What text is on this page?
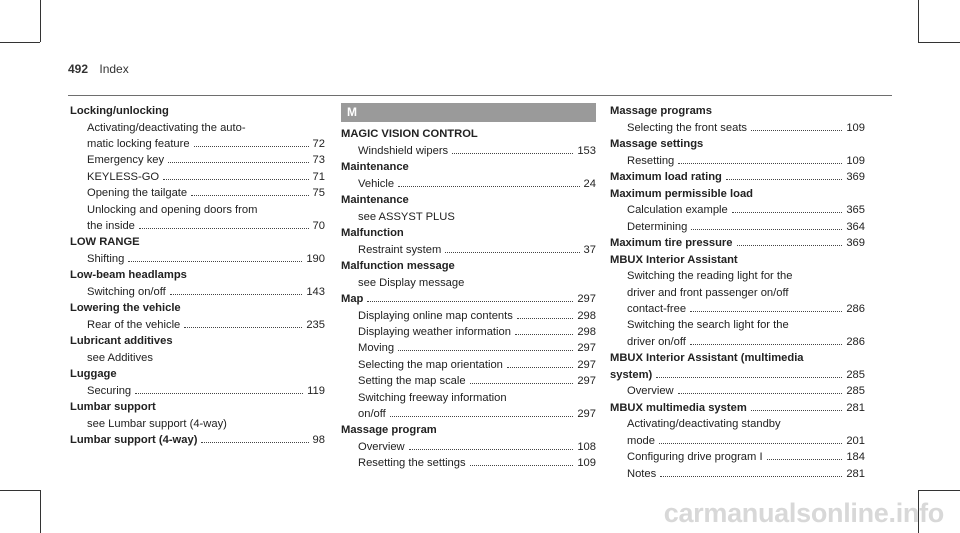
492 Index
Locking/unlocking
Activating/deactivating the auto-
matic locking feature	72
Emergency key	73
KEYLESS-GO	71
Opening the tailgate	75
Unlocking and opening doors from
the inside	70
LOW RANGE
Shifting	190
Low-beam headlamps
Switching on/off	143
Lowering the vehicle
Rear of the vehicle	235
Lubricant additives
see Additives
Luggage
Securing	119
Lumbar support
see Lumbar support (4-way)
Lumbar support (4-way)	98
M
MAGIC VISION CONTROL
Windshield wipers	153
Maintenance
Vehicle	24
Maintenance
see ASSYST PLUS
Malfunction
Restraint system	37
Malfunction message
see Display message
Map	297
Displaying online map contents	298
Displaying weather information	298
Moving	297
Selecting the map orientation	297
Setting the map scale	297
Switching freeway information
on/off	297
Massage program
Overview	108
Resetting the settings	109
Massage programs
Selecting the front seats	109
Massage settings
Resetting	109
Maximum load rating	369
Maximum permissible load
Calculation example	365
Determining	364
Maximum tire pressure	369
MBUX Interior Assistant
Switching the reading light for the
driver and front passenger on/off
contact-free	286
Switching the search light for the
driver on/off	286
MBUX Interior Assistant (multimedia
system)	285
Overview	285
MBUX multimedia system	281
Activating/deactivating standby
mode	201
Configuring drive program I	184
Notes	281
carmanualsonline.info
